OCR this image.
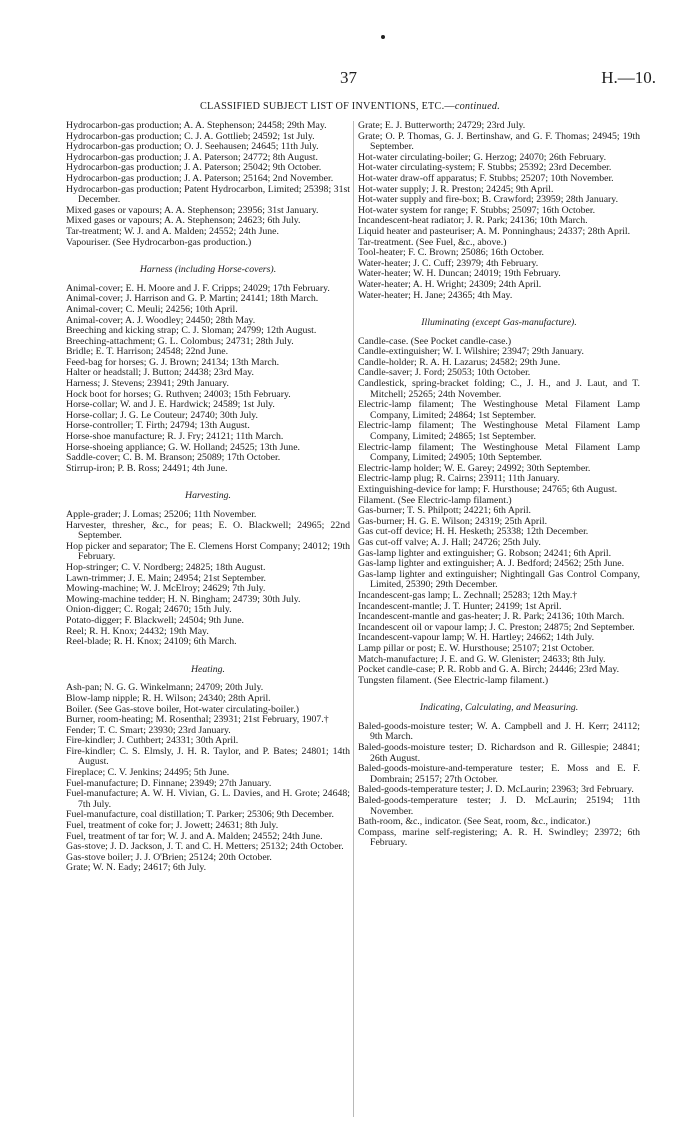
37	H.—10.
CLASSIFIED SUBJECT LIST OF INVENTIONS, ETC.—continued.

Hydrocarbon-gas production; A. A. Stephenson; 24458; 29th May.

Hydrocarbon-gas production; C. J. A. Gottlieb; 24592; 1st July.

Hydrocarbon-gas production; O. J. Seehausen; 24645; 11th July.

Hydrocarbon-gas production; J. A. Paterson; 24772; 8th August.

Hydrocarbon-gas production; J. A. Paterson; 25042; 9th October.

Hydrocarbon-gas production; J. A. Paterson; 25164; 2nd November.

Hydrocarbon-gas production; Patent Hydrocarbon, Limited; 25398; 31st December.

Mixed gases or vapours; A. A. Stephenson; 23956; 31st January.

Mixed gases or vapours; A. A. Stephenson; 24623; 6th July.

Tar-treatment; W. J. and A. Malden; 24552; 24th June.

Vapouriser. (See Hydrocarbon-gas production.)

Harness (including Horse-covers).

Animal-cover; E. H. Moore and J. F. Cripps; 24029; 17th February.

Animal-cover; J. Harrison and G. P. Martin; 24141; 18th March.

Animal-cover; C. Meuli; 24256; 10th April.

Animal-cover; A. J. Woodley; 24450; 28th May.

Breeching and kicking strap; C. J. Sloman; 24799; 12th August.

Breeching-attachment; G. L. Colombus; 24731; 28th July.

Bridle; E. T. Harrison; 24548; 22nd June.

Feed-bag for horses; G. J. Brown; 24134; 13th March.

Halter or headstall; J. Button; 24438; 23rd May.

Harness; J. Stevens; 23941; 29th January.

Hock boot for horses; G. Ruthven; 24003; 15th February.

Horse-collar; W. and J. E. Hardwick; 24589; 1st July.

Horse-collar; J. G. Le Couteur; 24740; 30th July.

Horse-controller; T. Firth; 24794; 13th August.

Horse-shoe manufacture; R. J. Fry; 24121; 11th March.

Horse-shoeing appliance; G. W. Holland; 24525; 13th June.

Saddle-cover; C. B. M. Branson; 25089; 17th October.

Stirrup-iron; P. B. Ross; 24491; 4th June.

Harvesting.

Apple-grader; J. Lomas; 25206; 11th November.

Harvester, thresher, &c., for peas; E. O. Blackwell; 24965; 22nd September.

Hop picker and separator; The E. Clemens Horst Company; 24012; 19th February.

Hop-stringer; C. V. Nordberg; 24825; 18th August.

Lawn-trimmer; J. E. Main; 24954; 21st September.

Mowing-machine; W. J. McElroy; 24629; 7th July.

Mowing-machine tedder; H. N. Bingham; 24739; 30th July.

Onion-digger; C. Rogal; 24670; 15th July.

Potato-digger; F. Blackwell; 24504; 9th June.

Reel; R. H. Knox; 24432; 19th May.

Reel-blade; R. H. Knox; 24109; 6th March.

Heating.

Ash-pan; N. G. G. Winkelmann; 24709; 20th July.

Blow-lamp nipple; R. H. Wilson; 24340; 28th April.

Boiler. (See Gas-stove boiler, Hot-water circulating-boiler.)

Burner, room-heating; M. Rosenthal; 23931; 21st February, 1907.†

Fender; T. C. Smart; 23930; 23rd January.

Fire-kindler; J. Cuthbert; 24331; 30th April.

Fire-kindler; C. S. Elmsly, J. H. R. Taylor, and P. Bates; 24801; 14th August.

Fireplace; C. V. Jenkins; 24495; 5th June.

Fuel-manufacture; D. Finnane; 23949; 27th January.

Fuel-manufacture; A. W. H. Vivian, G. L. Davies, and H. Grote; 24648; 7th July.

Fuel-manufacture, coal distillation; T. Parker; 25306; 9th December.

Fuel, treatment of coke for; J. Jowett; 24631; 8th July.

Fuel, treatment of tar for; W. J. and A. Malden; 24552; 24th June.

Gas-stove; J. D. Jackson, J. T. and C. H. Metters; 25132; 24th October.

Gas-stove boiler; J. J. O'Brien; 25124; 20th October.

Grate; W. N. Eady; 24617; 6th July.

Grate; E. J. Butterworth; 24729; 23rd July.

Grate; O. P. Thomas, G. J. Bertinshaw, and G. F. Thomas; 24945; 19th September.

Hot-water circulating-boiler; G. Herzog; 24070; 26th February.

Hot-water circulating-system; F. Stubbs; 25392; 23rd December.

Hot-water draw-off apparatus; F. Stubbs; 25207; 10th November.

Hot-water supply; J. R. Preston; 24245; 9th April.

Hot-water supply and fire-box; B. Crawford; 23959; 28th January.

Hot-water system for range; F. Stubbs; 25097; 16th October.

Incandescent-heat radiator; J. R. Park; 24136; 10th March.

Liquid heater and pasteuriser; A. M. Ponninghaus; 24337; 28th April.

Tar-treatment. (See Fuel, &c., above.)

Tool-heater; F. C. Brown; 25086; 16th October.

Water-heater; J. C. Cuff; 23979; 4th February.

Water-heater; W. H. Duncan; 24019; 19th February.

Water-heater; A. H. Wright; 24309; 24th April.

Water-heater; H. Jane; 24365; 4th May.

Illuminating (except Gas-manufacture).

Candle-case. (See Pocket candle-case.)

Candle-extinguisher; W. I. Wilshire; 23947; 29th January.

Candle-holder; R. A. H. Lazarus; 24582; 29th June.

Candle-saver; J. Ford; 25053; 10th October.

Candlestick, spring-bracket folding; C., J. H., and J. Laut, and T. Mitchell; 25265; 24th November.

Electric-lamp filament; The Westinghouse Metal Filament Lamp Company, Limited; 24864; 1st September.

Electric-lamp filament; The Westinghouse Metal Filament Lamp Company, Limited; 24865; 1st September.

Electric-lamp filament; The Westinghouse Metal Filament Lamp Company, Limited; 24905; 10th September.

Electric-lamp holder; W. E. Garey; 24992; 30th September.

Electric-lamp plug; R. Cairns; 23911; 11th January.

Extinguishing-device for lamp; F. Hursthouse; 24765; 6th August.

Filament. (See Electric-lamp filament.)

Gas-burner; T. S. Philpott; 24221; 6th April.

Gas-burner; H. G. E. Wilson; 24319; 25th April.

Gas cut-off device; H. H. Hesketh; 25338; 12th December.

Gas cut-off valve; A. J. Hall; 24726; 25th July.

Gas-lamp lighter and extinguisher; G. Robson; 24241; 6th April.

Gas-lamp lighter and extinguisher; A. J. Bedford; 24562; 25th June.

Gas-lamp lighter and extinguisher; Nightingall Gas Control Company, Limited, 25390; 29th December.

Incandescent-gas lamp; L. Zechnall; 25283; 12th May.†

Incandescent-mantle; J. T. Hunter; 24199; 1st April.

Incandescent-mantle and gas-heater; J. R. Park; 24136; 10th March.

Incandescent oil or vapour lamp; J. C. Preston; 24875; 2nd September.

Incandescent-vapour lamp; W. H. Hartley; 24662; 14th July.

Lamp pillar or post; E. W. Hursthouse; 25107; 21st October.

Match-manufacture; J. E. and G. W. Glenister; 24633; 8th July.

Pocket candle-case; P. R. Robb and G. A. Birch; 24446; 23rd May.

Tungsten filament. (See Electric-lamp filament.)

Indicating, Calculating, and Measuring.

Baled-goods-moisture tester; W. A. Campbell and J. H. Kerr; 24112; 9th March.

Baled-goods-moisture tester; D. Richardson and R. Gillespie; 24841; 26th August.

Baled-goods-moisture-and-temperature tester; E. Moss and E. F. Dombrain; 25157; 27th October.

Baled-goods-temperature tester; J. D. McLaurin; 23963; 3rd February.

Baled-goods-temperature tester; J. D. McLaurin; 25194; 11th November.

Bath-room, &c., indicator. (See Seat, room, &c., indicator.)

Compass, marine self-registering; A. R. H. Swindley; 23972; 6th February.
